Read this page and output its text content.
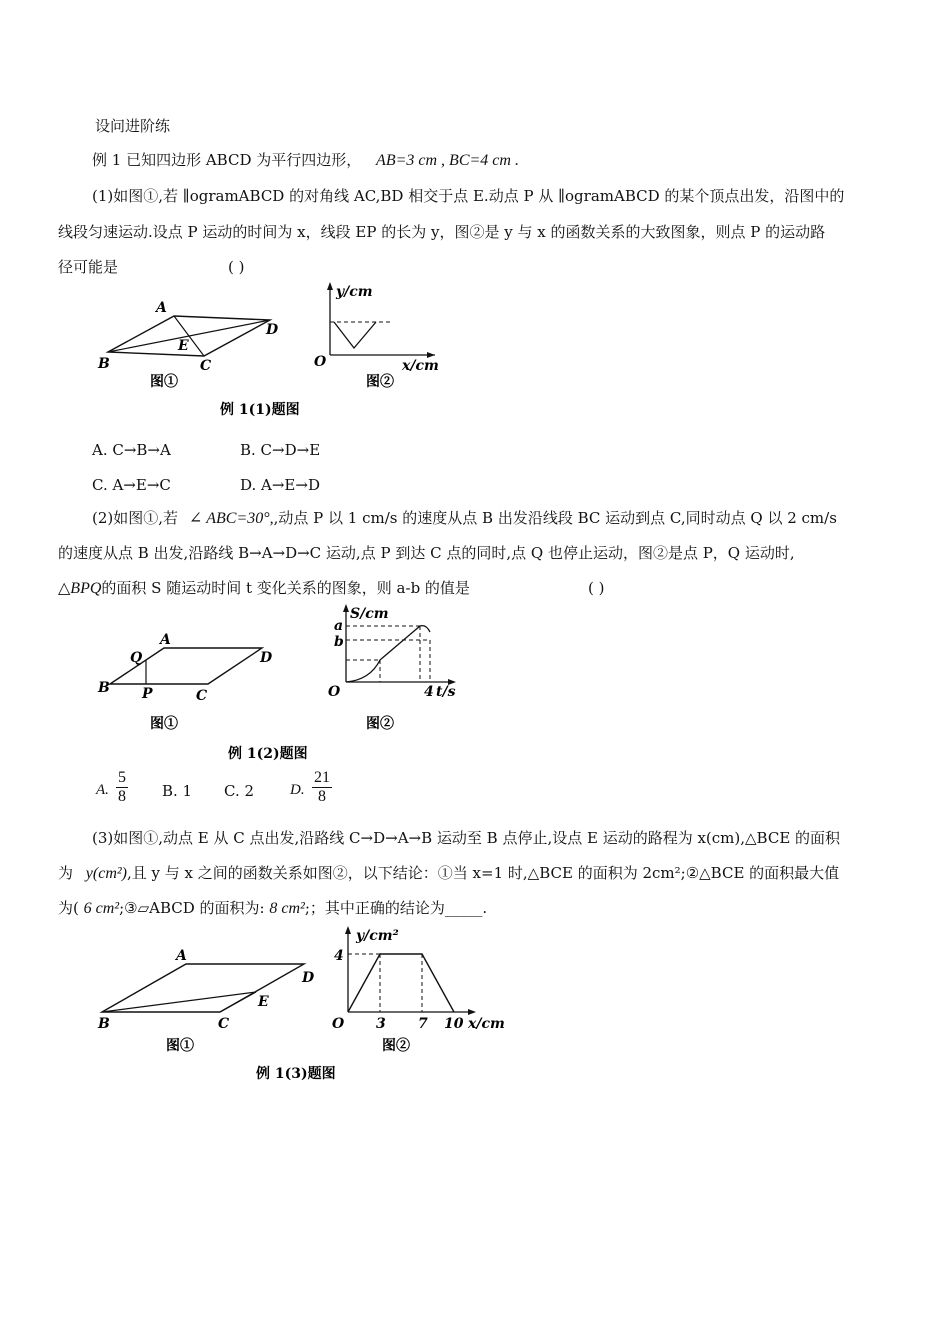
设问进阶练
例 1 已知四边形 ABCD 为平行四边形， AB=3 cm , BC=4 cm .
(1)如图①,若 ∥ogramABCD 的对角线 AC,BD 相交于点 E.动点 P 从 ∥ogramABCD 的某个顶点出发，沿图中的
线段匀速运动.设点 P 运动的时间为 x，线段 EP 的长为 y，图②是 y 与 x 的函数关系的大致图象，则点 P 的运动路
径可能是	( )
A
B	C
D
E
图①
y/cm
x/cm
O
图②
例 1(1)题图
A. C→B→A	B. C→D→E
C. A→E→C	D. A→E→D
(2)如图①,若 ∠ ABC=30°,,动点 P 以 1 cm/s 的速度从点 B 出发沿线段 BC 运动到点 C,同时动点 Q 以 2 cm/s
的速度从点 B 出发,沿路线 B→A→D→C 运动,点 P 到达 C 点的同时,点 Q 也停止运动，图②是点 P，Q 运动时,
△BPQ的面积 S 随运动时间 t 变化关系的图象，则 a-b 的值是	( )
A
B	C
D
P
Q
图①
S/cm
a
b
O	4 t/s
图②
例 1(2)题图
A. $\frac{5}{8} B$. 1 C. 2 D. $\frac{21}{8}$
(3)如图①,动点 E 从 C 点出发,沿路线 C→D→A→B 运动至 B 点停止,设点 E 运动的路程为 x(cm),△BCE 的面积
为 y(cm²),且 y 与 x 之间的函数关系如图②，以下结论：①当 x=1 时,△BCE 的面积为 2cm²;②△BCE 的面积最大值
为( 6 cm²;③▱ABCD 的面积为: 8 cm²;；其中正确的结论为_____.
A
B	C
D
E
图①
y/cm²
4
O 3 7 10 x/cm
图②
例 1(3)题图
